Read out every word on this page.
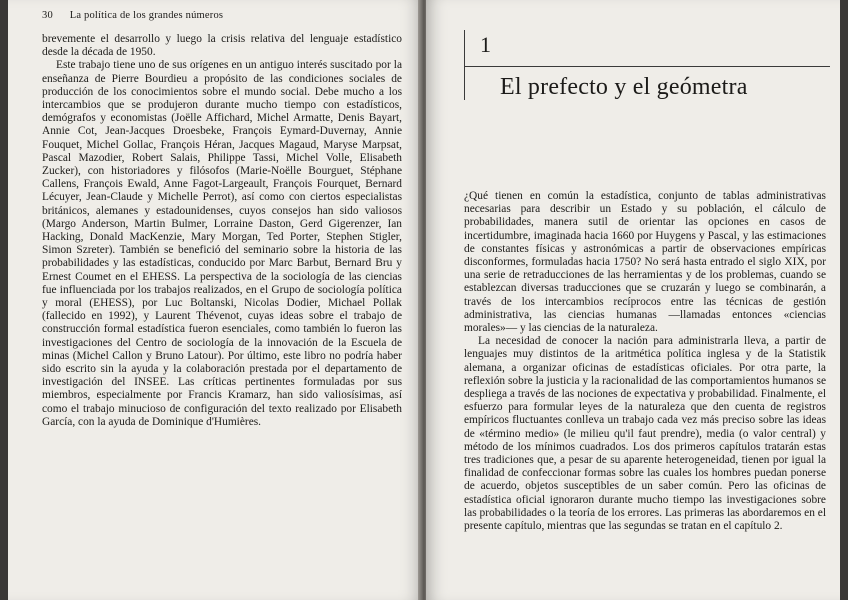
30 La política de los grandes números

brevemente el desarrollo y luego la crisis relativa del lenguaje estadístico desde la década de 1950.

Este trabajo tiene uno de sus orígenes en un antiguo interés suscitado por la enseñanza de Pierre Bourdieu a propósito de las condiciones sociales de producción de los conocimientos sobre el mundo social. Debe mucho a los intercambios que se produjeron durante mucho tiempo con estadísticos, demógrafos y economistas (Joëlle Affichard, Michel Armatte, Denis Bayart, Annie Cot, Jean-Jacques Droesbeke, François Eymard-Duvernay, Annie Fouquet, Michel Gollac, François Héran, Jacques Magaud, Maryse Marpsat, Pascal Mazodier, Robert Salais, Philippe Tassi, Michel Volle, Elisabeth Zucker), con historiadores y filósofos (Marie-Noëlle Bourguet, Stéphane Callens, François Ewald, Anne Fagot-Largeault, François Fourquet, Bernard Lécuyer, Jean-Claude y Michelle Perrot), así como con ciertos especialistas británicos, alemanes y estadounidenses, cuyos consejos han sido valiosos (Margo Anderson, Martin Bulmer, Lorraine Daston, Gerd Gigerenzer, Ian Hacking, Donald MacKenzie, Mary Morgan, Ted Porter, Stephen Stigler, Simon Szreter). También se benefició del seminario sobre la historia de las probabilidades y las estadísticas, conducido por Marc Barbut, Bernard Bru y Ernest Coumet en el EHESS. La perspectiva de la sociología de las ciencias fue influenciada por los trabajos realizados, en el Grupo de sociología política y moral (EHESS), por Luc Boltanski, Nicolas Dodier, Michael Pollak (fallecido en 1992), y Laurent Thévenot, cuyas ideas sobre el trabajo de construcción formal estadística fueron esenciales, como también lo fueron las investigaciones del Centro de sociología de la innovación de la Escuela de minas (Michel Callon y Bruno Latour). Por último, este libro no podría haber sido escrito sin la ayuda y la colaboración prestada por el departamento de investigación del INSEE. Las críticas pertinentes formuladas por sus miembros, especialmente por Francis Kramarz, han sido valiosísimas, así como el trabajo minucioso de configuración del texto realizado por Elisabeth García, con la ayuda de Dominique d'Humières.

1
El prefecto y el geómetra

¿Qué tienen en común la estadística, conjunto de tablas administrativas necesarias para describir un Estado y su población, el cálculo de probabilidades, manera sutil de orientar las opciones en casos de incertidumbre, imaginada hacia 1660 por Huygens y Pascal, y las estimaciones de constantes físicas y astronómicas a partir de observaciones empíricas disconformes, formuladas hacia 1750? No será hasta entrado el siglo XIX, por una serie de retraducciones de las herramientas y de los problemas, cuando se establezcan diversas traducciones que se cruzarán y luego se combinarán, a través de los intercambios recíprocos entre las técnicas de gestión administrativa, las ciencias humanas —llamadas entonces «ciencias morales»— y las ciencias de la naturaleza.

La necesidad de conocer la nación para administrarla lleva, a partir de lenguajes muy distintos de la aritmética política inglesa y de la Statistik alemana, a organizar oficinas de estadísticas oficiales. Por otra parte, la reflexión sobre la justicia y la racionalidad de las comportamientos humanos se despliega a través de las nociones de expectativa y probabilidad. Finalmente, el esfuerzo para formular leyes de la naturaleza que den cuenta de registros empíricos fluctuantes conlleva un trabajo cada vez más preciso sobre las ideas de «término medio» (le milieu qu'il faut prendre), media (o valor central) y método de los mínimos cuadrados. Los dos primeros capítulos tratarán estas tres tradiciones que, a pesar de su aparente heterogeneidad, tienen por igual la finalidad de confeccionar formas sobre las cuales los hombres puedan ponerse de acuerdo, objetos susceptibles de un saber común. Pero las oficinas de estadística oficial ignoraron durante mucho tiempo las investigaciones sobre las probabilidades o la teoría de los errores. Las primeras las abordaremos en el presente capítulo, mientras que las segundas se tratan en el capítulo 2.
